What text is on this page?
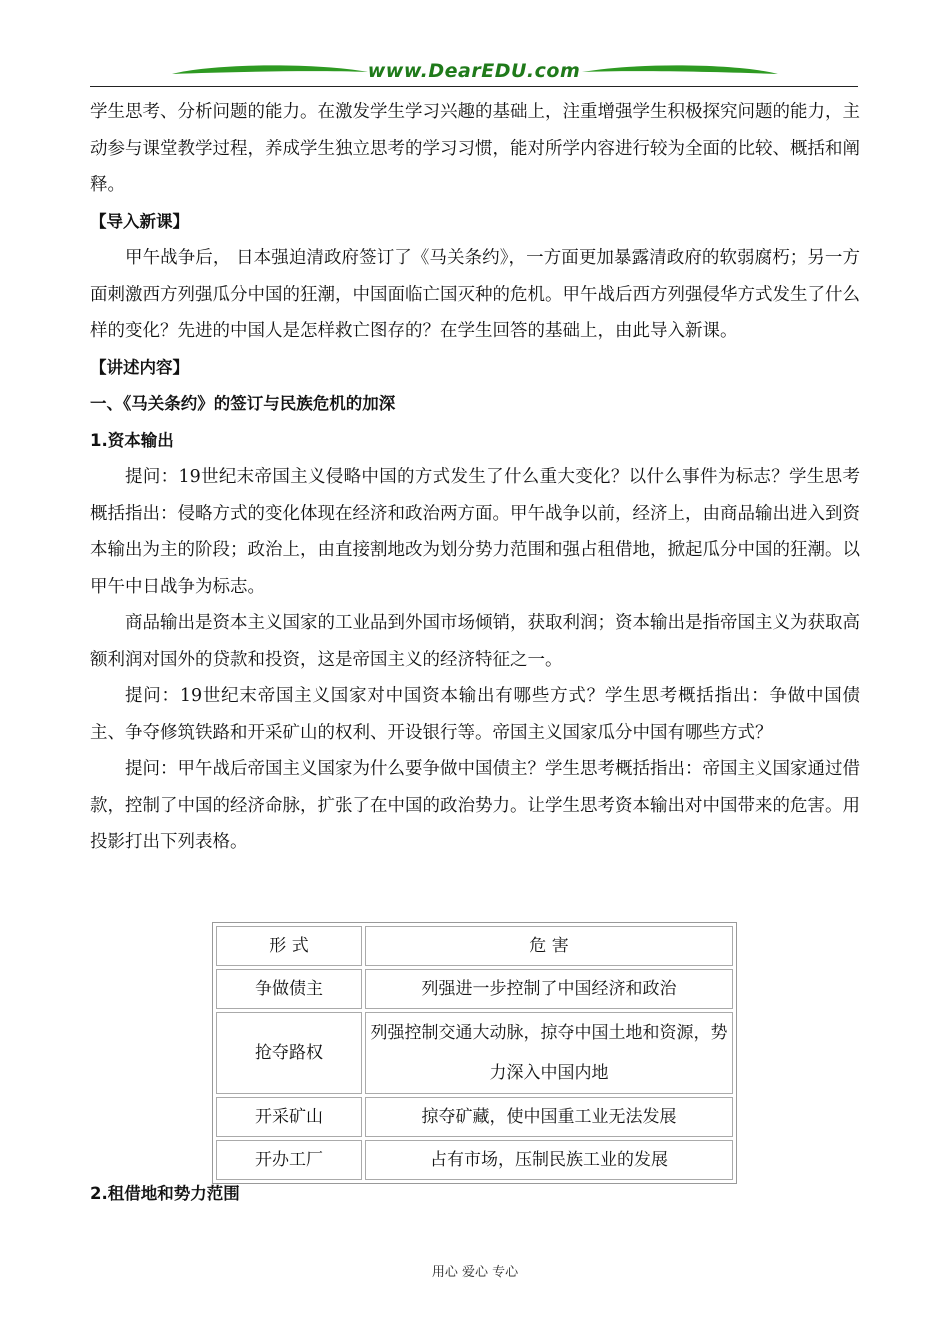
www.DearEDU.com

学生思考、分析问题的能力。在激发学生学习兴趣的基础上，注重增强学生积极探究问题的能力，主动参与课堂教学过程，养成学生独立思考的学习习惯，能对所学内容进行较为全面的比较、概括和阐释。

【导入新课】

甲午战争后， 日本强迫清政府签订了《马关条约》，一方面更加暴露清政府的软弱腐朽；另一方面刺激西方列强瓜分中国的狂潮，中国面临亡国灭种的危机。甲午战后西方列强侵华方式发生了什么样的变化？先进的中国人是怎样救亡图存的？在学生回答的基础上，由此导入新课。

【讲述内容】

一、《马关条约》的签订与民族危机的加深

1.资本输出

提问：19世纪末帝国主义侵略中国的方式发生了什么重大变化？以什么事件为标志？学生思考概括指出：侵略方式的变化体现在经济和政治两方面。甲午战争以前，经济上，由商品输出进入到资本输出为主的阶段；政治上，由直接割地改为划分势力范围和强占租借地，掀起瓜分中国的狂潮。以甲午中日战争为标志。

商品输出是资本主义国家的工业品到外国市场倾销，获取利润；资本输出是指帝国主义为获取高额利润对国外的贷款和投资，这是帝国主义的经济特征之一。

提问：19世纪末帝国主义国家对中国资本输出有哪些方式？学生思考概括指出：争做中国债主、争夺修筑铁路和开采矿山的权利、开设银行等。帝国主义国家瓜分中国有哪些方式？

提问：甲午战后帝国主义国家为什么要争做中国债主？学生思考概括指出：帝国主义国家通过借款，控制了中国的经济命脉，扩张了在中国的政治势力。让学生思考资本输出对中国带来的危害。用投影打出下列表格。

形 式	危 害
争做债主	列强进一步控制了中国经济和政治
抢夺路权	列强控制交通大动脉，掠夺中国土地和资源，势力深入中国内地
开采矿山	掠夺矿藏，使中国重工业无法发展
开办工厂	占有市场，压制民族工业的发展
2.租借地和势力范围
用心 爱心 专心
